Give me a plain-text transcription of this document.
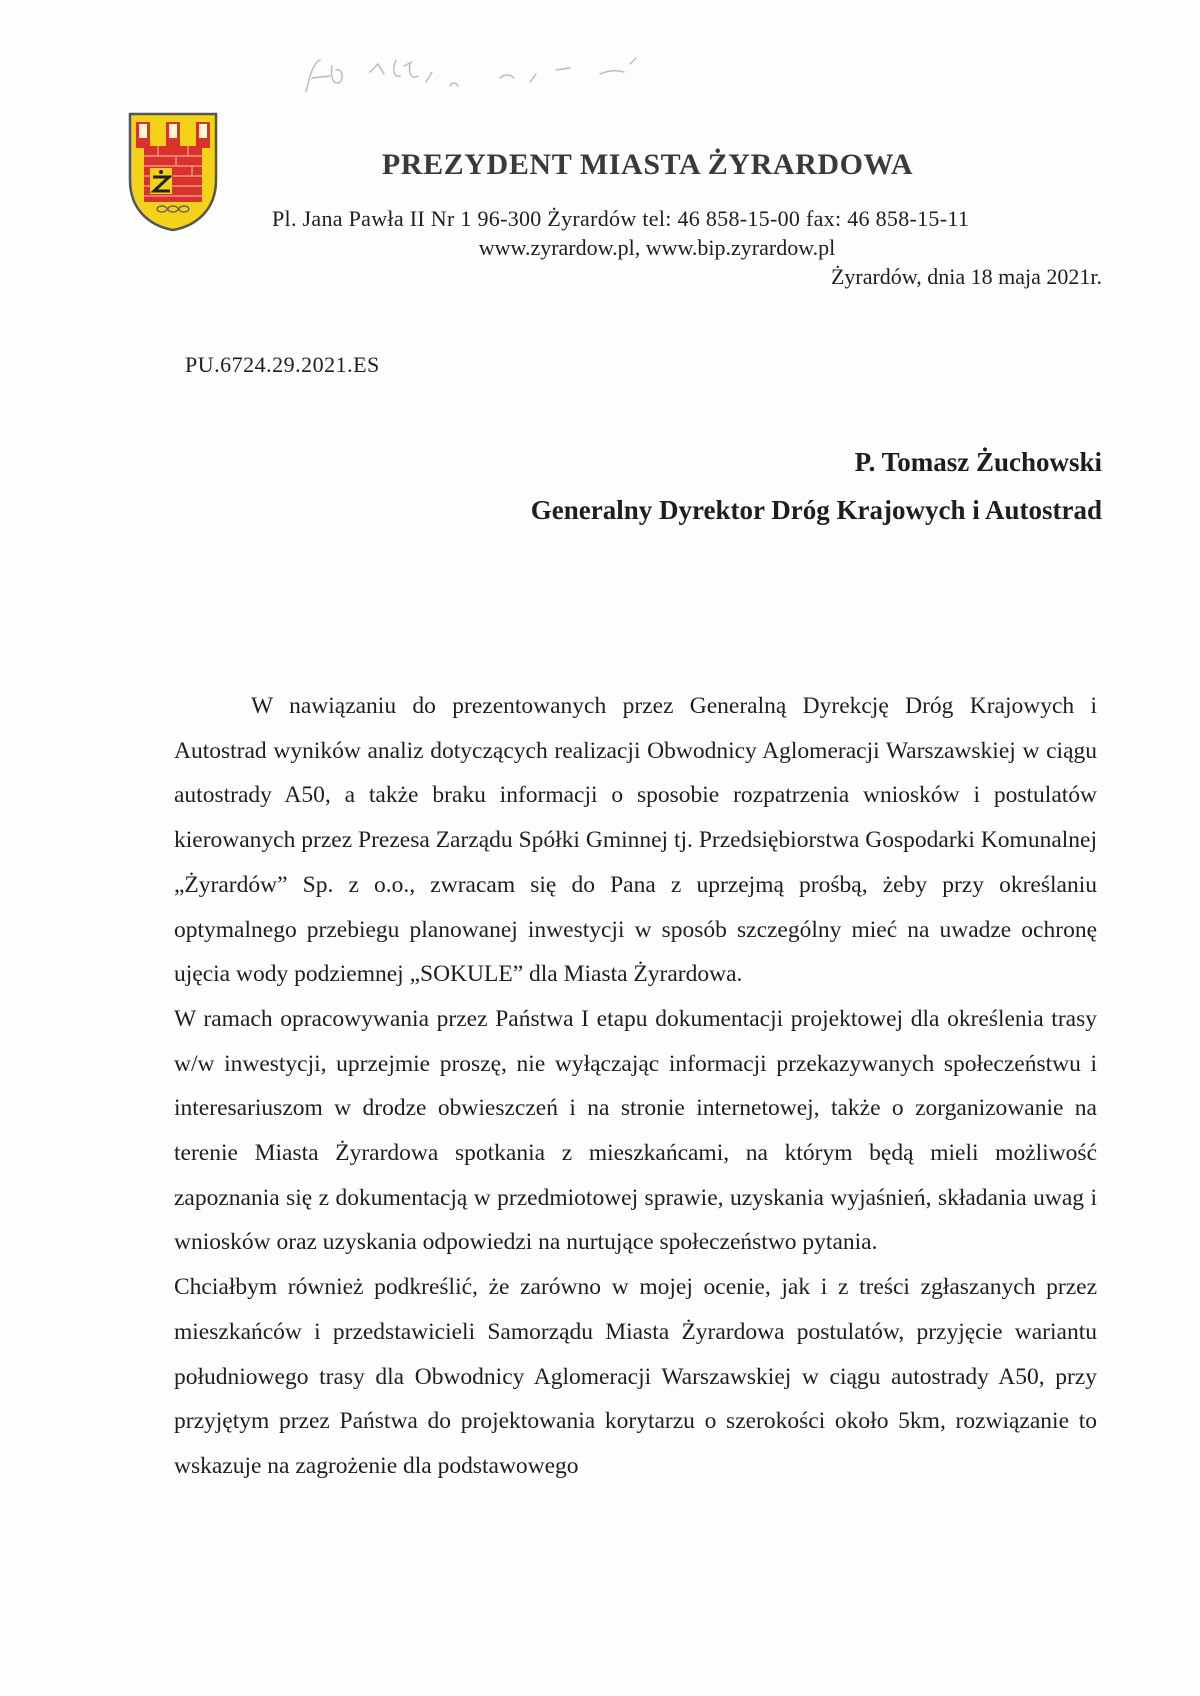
PREZYDENT MIASTA ŻYRARDOWA
Pl. Jana Pawła II Nr 1 96-300 Żyrardów tel: 46 858-15-00 fax: 46 858-15-11
www.zyrardow.pl, www.bip.zyrardow.pl
Żyrardów, dnia 18 maja 2021r.
PU.6724.29.2021.ES
P. Tomasz Żuchowski
Generalny Dyrektor Dróg Krajowych i Autostrad

W nawiązaniu do prezentowanych przez Generalną Dyrekcję Dróg Krajowych i Autostrad wyników analiz dotyczących realizacji Obwodnicy Aglomeracji Warszawskiej w ciągu autostrady A50, a także braku informacji o sposobie rozpatrzenia wniosków i postulatów kierowanych przez Prezesa Zarządu Spółki Gminnej tj. Przedsiębiorstwa Gospodarki Komunalnej „Żyrardów” Sp. z o.o., zwracam się do Pana z uprzejmą prośbą, żeby przy określaniu optymalnego przebiegu planowanej inwestycji w sposób szczególny mieć na uwadze ochronę ujęcia wody podziemnej „SOKULE” dla Miasta Żyrardowa.

W ramach opracowywania przez Państwa I etapu dokumentacji projektowej dla określenia trasy w/w inwestycji, uprzejmie proszę, nie wyłączając informacji przekazywanych społeczeństwu i interesariuszom w drodze obwieszczeń i na stronie internetowej, także o zorganizowanie na terenie Miasta Żyrardowa spotkania z mieszkańcami, na którym będą mieli możliwość zapoznania się z dokumentacją w przedmiotowej sprawie, uzyskania wyjaśnień, składania uwag i wniosków oraz uzyskania odpowiedzi na nurtujące społeczeństwo pytania.

Chciałbym również podkreślić, że zarówno w mojej ocenie, jak i z treści zgłaszanych przez mieszkańców i przedstawicieli Samorządu Miasta Żyrardowa postulatów, przyjęcie wariantu południowego trasy dla Obwodnicy Aglomeracji Warszawskiej w ciągu autostrady A50, przy przyjętym przez Państwa do projektowania korytarzu o szerokości około 5km, rozwiązanie to wskazuje na zagrożenie dla podstawowego
